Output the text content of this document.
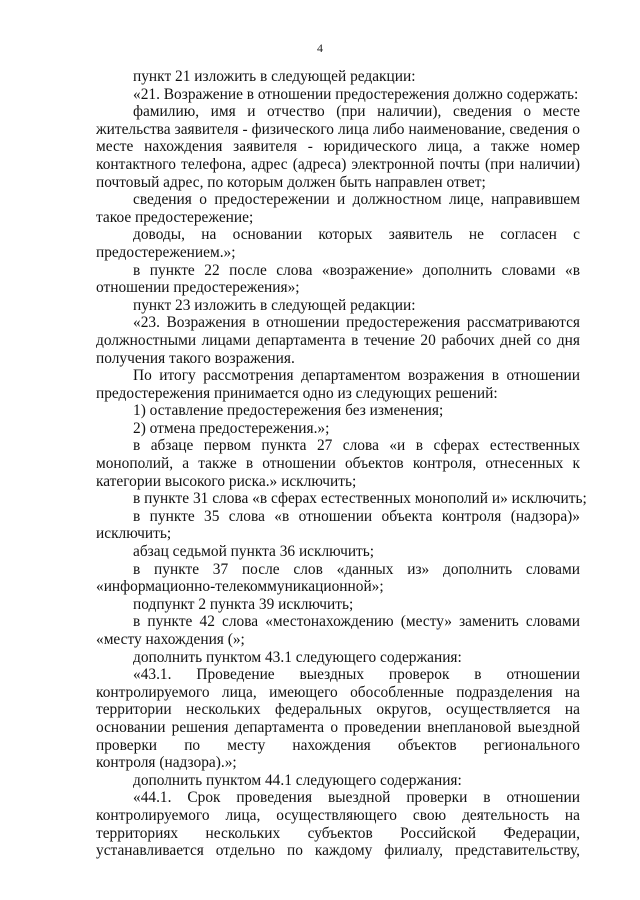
4
пункт 21 изложить в следующей редакции:
«21. Возражение в отношении предостережения должно содержать:
фамилию, имя и отчество (при наличии), сведения о месте
жительства заявителя - физического лица либо наименование, сведения о
месте нахождения заявителя - юридического лица, а также номер
контактного телефона, адрес (адреса) электронной почты (при наличии)
почтовый адрес, по которым должен быть направлен ответ;
сведения о предостережении и должностном лице, направившем
такое предостережение;
доводы, на основании которых заявитель не согласен с
предостережением.»;
в пункте 22 после слова «возражение» дополнить словами «в
отношении предостережения»;
пункт 23 изложить в следующей редакции:
«23. Возражения в отношении предостережения рассматриваются
должностными лицами департамента в течение 20 рабочих дней со дня
получения такого возражения.
По итогу рассмотрения департаментом возражения в отношении
предостережения принимается одно из следующих решений:
1) оставление предостережения без изменения;
2) отмена предостережения.»;
в абзаце первом пункта 27 слова «и в сферах естественных
монополий, а также в отношении объектов контроля, отнесенных к
категории высокого риска.» исключить;
в пункте 31 слова «в сферах естественных монополий и» исключить;
в пункте 35 слова «в отношении объекта контроля (надзора)»
исключить;
абзац седьмой пункта 36 исключить;
в пункте 37 после слов «данных из» дополнить словами
«информационно-телекоммуникационной»;
подпункт 2 пункта 39 исключить;
в пункте 42 слова «местонахождению (месту» заменить словами
«месту нахождения (»;
дополнить пунктом 43.1 следующего содержания:
«43.1. Проведение выездных проверок в отношении
контролируемого лица, имеющего обособленные подразделения на
территории нескольких федеральных округов, осуществляется на
основании решения департамента о проведении внеплановой выездной
проверки по месту нахождения объектов регионального
контроля (надзора).»;
дополнить пунктом 44.1 следующего содержания:
«44.1. Срок проведения выездной проверки в отношении
контролируемого лица, осуществляющего свою деятельность на
территориях нескольких субъектов Российской Федерации,
устанавливается отдельно по каждому филиалу, представительству,
